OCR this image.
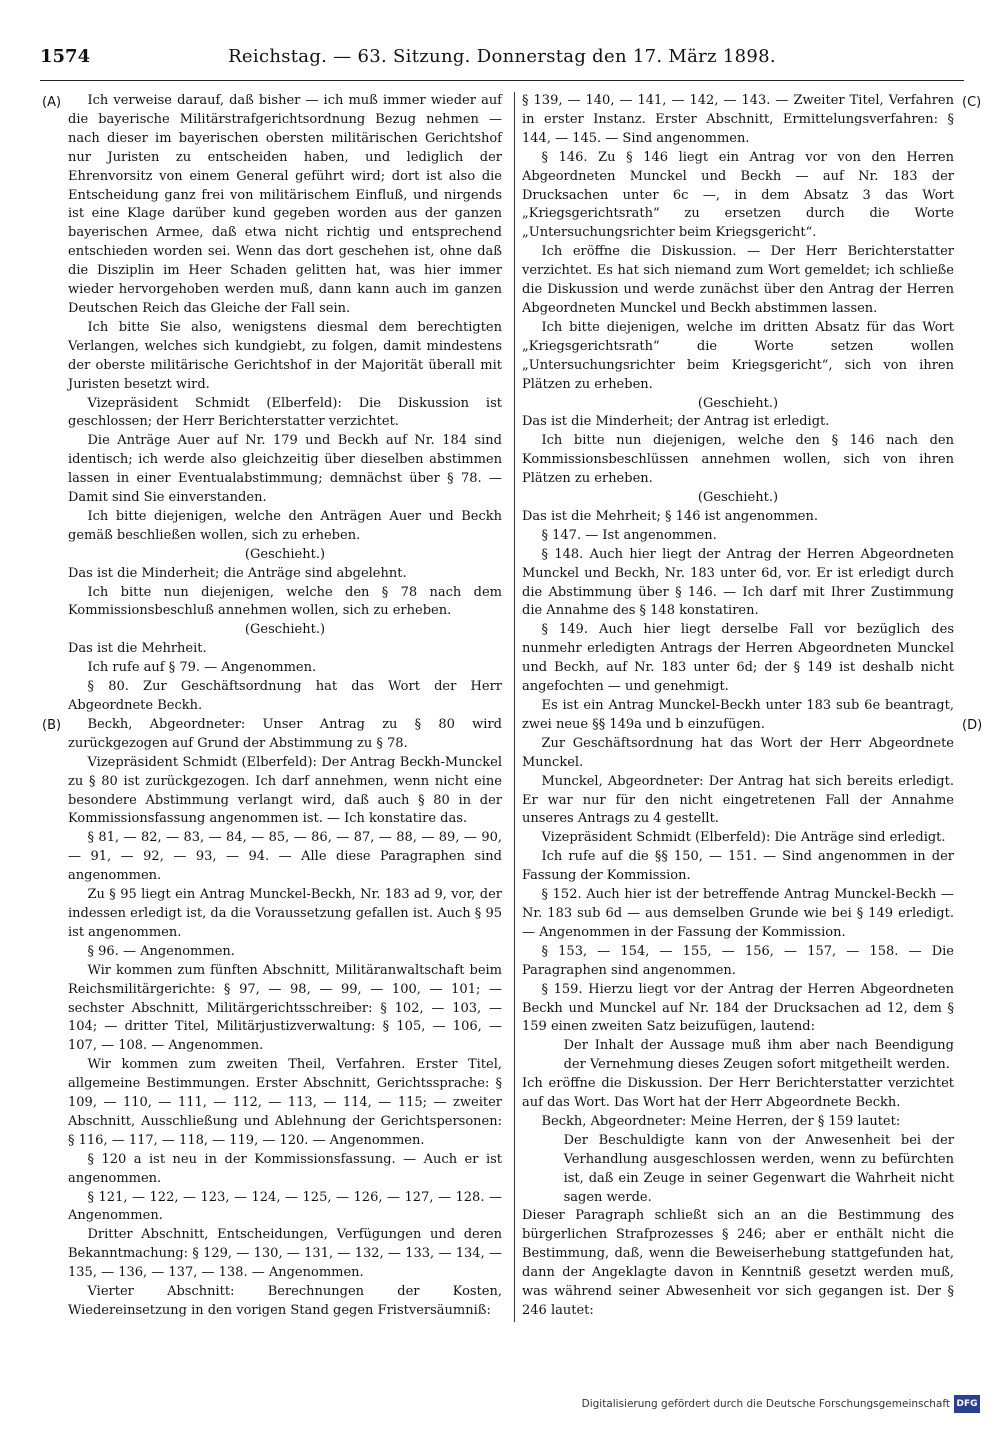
1574	Reichstag. — 63. Sitzung. Donnerstag den 17. März 1898.
(A)
(B)
(C)
(D)

Ich verweise darauf, daß bisher — ich muß immer wieder auf die bayerische Militärstrafgerichtsordnung Bezug nehmen — nach dieser im bayerischen obersten militärischen Gerichtshof nur Juristen zu entscheiden haben, und lediglich der Ehrenvorsitz von einem General geführt wird; dort ist also die Entscheidung ganz frei von militärischem Einfluß, und nirgends ist eine Klage darüber kund gegeben worden aus der ganzen bayerischen Armee, daß etwa nicht richtig und entsprechend entschieden worden sei. Wenn das dort geschehen ist, ohne daß die Disziplin im Heer Schaden gelitten hat, was hier immer wieder hervorgehoben werden muß, dann kann auch im ganzen Deutschen Reich das Gleiche der Fall sein.

Ich bitte Sie also, wenigstens diesmal dem berechtigten Verlangen, welches sich kundgiebt, zu folgen, damit mindestens der oberste militärische Gerichtshof in der Majorität überall mit Juristen besetzt wird.

Vizepräsident Schmidt (Elberfeld): Die Diskussion ist geschlossen; der Herr Berichterstatter verzichtet.

Die Anträge Auer auf Nr. 179 und Beckh auf Nr. 184 sind identisch; ich werde also gleichzeitig über dieselben abstimmen lassen in einer Eventualabstimmung; demnächst über § 78. — Damit sind Sie einverstanden.

Ich bitte diejenigen, welche den Anträgen Auer und Beckh gemäß beschließen wollen, sich zu erheben.

(Geschieht.)

Das ist die Minderheit; die Anträge sind abgelehnt.

Ich bitte nun diejenigen, welche den § 78 nach dem Kommissionsbeschluß annehmen wollen, sich zu erheben.

(Geschieht.)

Das ist die Mehrheit.

Ich rufe auf § 79. — Angenommen.

§ 80. Zur Geschäftsordnung hat das Wort der Herr Abgeordnete Beckh.

Beckh, Abgeordneter: Unser Antrag zu § 80 wird zurückgezogen auf Grund der Abstimmung zu § 78.

Vizepräsident Schmidt (Elberfeld): Der Antrag Beckh-Munckel zu § 80 ist zurückgezogen. Ich darf annehmen, wenn nicht eine besondere Abstimmung verlangt wird, daß auch § 80 in der Kommissionsfassung angenommen ist. — Ich konstatire das.

§ 81, — 82, — 83, — 84, — 85, — 86, — 87, — 88, — 89, — 90, — 91, — 92, — 93, — 94. — Alle diese Paragraphen sind angenommen.

Zu § 95 liegt ein Antrag Munckel-Beckh, Nr. 183 ad 9, vor, der indessen erledigt ist, da die Voraussetzung gefallen ist. Auch § 95 ist angenommen.

§ 96. — Angenommen.

Wir kommen zum fünften Abschnitt, Militäranwaltschaft beim Reichsmilitärgerichte: § 97, — 98, — 99, — 100, — 101; — sechster Abschnitt, Militärgerichtsschreiber: § 102, — 103, — 104; — dritter Titel, Militärjustizverwaltung: § 105, — 106, — 107, — 108. — Angenommen.

Wir kommen zum zweiten Theil, Verfahren. Erster Titel, allgemeine Bestimmungen. Erster Abschnitt, Gerichtssprache: § 109, — 110, — 111, — 112, — 113, — 114, — 115; — zweiter Abschnitt, Ausschließung und Ablehnung der Gerichtspersonen: § 116, — 117, — 118, — 119, — 120. — Angenommen.

§ 120 a ist neu in der Kommissionsfassung. — Auch er ist angenommen.

§ 121, — 122, — 123, — 124, — 125, — 126, — 127, — 128. — Angenommen.

Dritter Abschnitt, Entscheidungen, Verfügungen und deren Bekanntmachung: § 129, — 130, — 131, — 132, — 133, — 134, — 135, — 136, — 137, — 138. — Angenommen.

Vierter Abschnitt: Berechnungen der Kosten, Wiedereinsetzung in den vorigen Stand gegen Fristversäumniß:

§ 139, — 140, — 141, — 142, — 143. — Zweiter Titel, Verfahren in erster Instanz. Erster Abschnitt, Ermittelungsverfahren: § 144, — 145. — Sind angenommen.

§ 146. Zu § 146 liegt ein Antrag vor von den Herren Abgeordneten Munckel und Beckh — auf Nr. 183 der Drucksachen unter 6c —, in dem Absatz 3 das Wort „Kriegsgerichtsrath“ zu ersetzen durch die Worte „Untersuchungsrichter beim Kriegsgericht“.

Ich eröffne die Diskussion. — Der Herr Berichterstatter verzichtet. Es hat sich niemand zum Wort gemeldet; ich schließe die Diskussion und werde zunächst über den Antrag der Herren Abgeordneten Munckel und Beckh abstimmen lassen.

Ich bitte diejenigen, welche im dritten Absatz für das Wort „Kriegsgerichtsrath“ die Worte setzen wollen „Untersuchungsrichter beim Kriegsgericht“, sich von ihren Plätzen zu erheben.

(Geschieht.)

Das ist die Minderheit; der Antrag ist erledigt.

Ich bitte nun diejenigen, welche den § 146 nach den Kommissionsbeschlüssen annehmen wollen, sich von ihren Plätzen zu erheben.

(Geschieht.)

Das ist die Mehrheit; § 146 ist angenommen.

§ 147. — Ist angenommen.

§ 148. Auch hier liegt der Antrag der Herren Abgeordneten Munckel und Beckh, Nr. 183 unter 6d, vor. Er ist erledigt durch die Abstimmung über § 146. — Ich darf mit Ihrer Zustimmung die Annahme des § 148 konstatiren.

§ 149. Auch hier liegt derselbe Fall vor bezüglich des nunmehr erledigten Antrags der Herren Abgeordneten Munckel und Beckh, auf Nr. 183 unter 6d; der § 149 ist deshalb nicht angefochten — und genehmigt.

Es ist ein Antrag Munckel-Beckh unter 183 sub 6e beantragt, zwei neue §§ 149a und b einzufügen.

Zur Geschäftsordnung hat das Wort der Herr Abgeordnete Munckel.

Munckel, Abgeordneter: Der Antrag hat sich bereits erledigt. Er war nur für den nicht eingetretenen Fall der Annahme unseres Antrags zu 4 gestellt.

Vizepräsident Schmidt (Elberfeld): Die Anträge sind erledigt.

Ich rufe auf die §§ 150, — 151. — Sind angenommen in der Fassung der Kommission.

§ 152. Auch hier ist der betreffende Antrag Munckel-Beckh — Nr. 183 sub 6d — aus demselben Grunde wie bei § 149 erledigt. — Angenommen in der Fassung der Kommission.

§ 153, — 154, — 155, — 156, — 157, — 158. — Die Paragraphen sind angenommen.

§ 159. Hierzu liegt vor der Antrag der Herren Abgeordneten Beckh und Munckel auf Nr. 184 der Drucksachen ad 12, dem § 159 einen zweiten Satz beizufügen, lautend:

Der Inhalt der Aussage muß ihm aber nach Beendigung der Vernehmung dieses Zeugen sofort mitgetheilt werden.

Ich eröffne die Diskussion. Der Herr Berichterstatter verzichtet auf das Wort. Das Wort hat der Herr Abgeordnete Beckh.

Beckh, Abgeordneter: Meine Herren, der § 159 lautet:

Der Beschuldigte kann von der Anwesenheit bei der Verhandlung ausgeschlossen werden, wenn zu befürchten ist, daß ein Zeuge in seiner Gegenwart die Wahrheit nicht sagen werde.

Dieser Paragraph schließt sich an an die Bestimmung des bürgerlichen Strafprozesses § 246; aber er enthält nicht die Bestimmung, daß, wenn die Beweiserhebung stattgefunden hat, dann der Angeklagte davon in Kenntniß gesetzt werden muß, was während seiner Abwesenheit vor sich gegangen ist. Der § 246 lautet:

Digitalisierung gefördert durch die Deutsche Forschungsgemeinschaft DFG
